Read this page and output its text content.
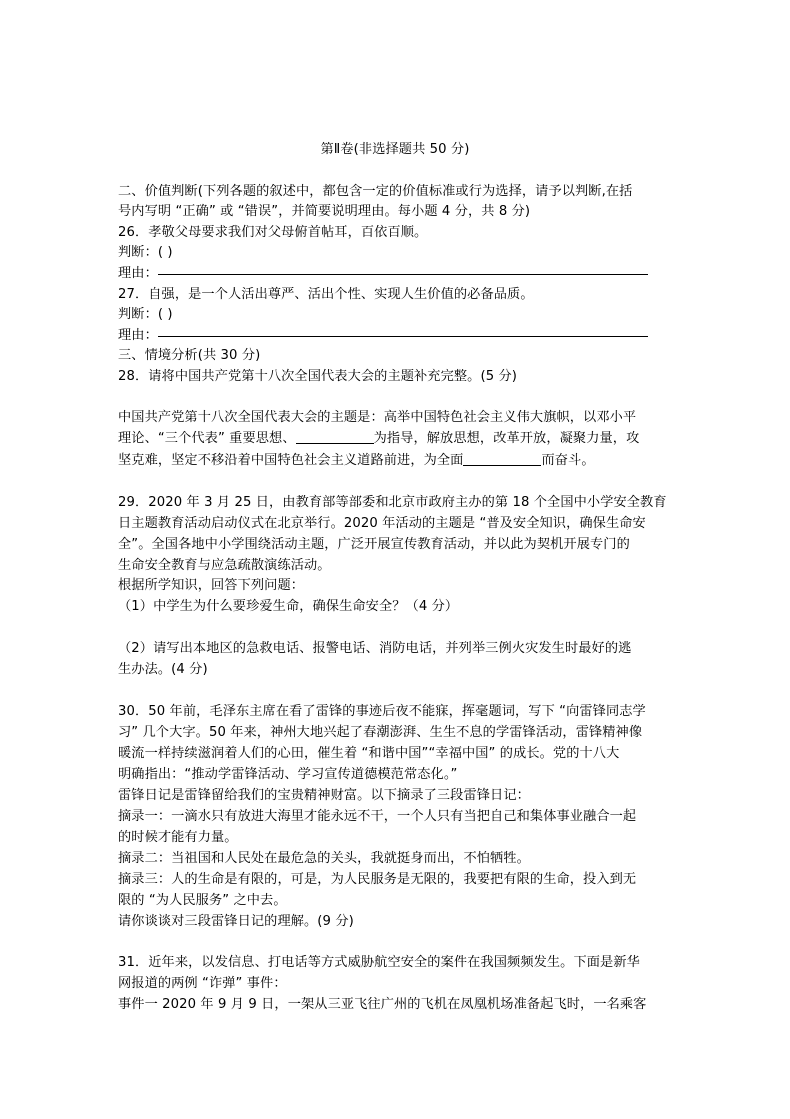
第Ⅱ卷(非选择题共 50 分)
二、价值判断(下列各题的叙述中，都包含一定的价值标准或行为选择，请予以判断,在括
号内写明 “正确” 或 “错误”，并简要说明理由。每小题 4 分，共 8 分)
26．孝敬父母要求我们对父母俯首帖耳，百依百顺。
判断：( )
理由：
27．自强，是一个人活出尊严、活出个性、实现人生价值的必备品质。
判断：( )
理由：
三、情境分析(共 30 分)
28．请将中国共产党第十八次全国代表大会的主题补充完整。(5 分)
中国共产党第十八次全国代表大会的主题是：高举中国特色社会主义伟大旗帜，以邓小平
理论、“三个代表” 重要思想、	为指导，解放思想，改革开放，凝聚力量，攻
坚克难，坚定不移沿着中国特色社会主义道路前进，为全面	而奋斗。
29．2020 年 3 月 25 日，由教育部等部委和北京市政府主办的第 18 个全国中小学安全教育
日主题教育活动启动仪式在北京举行。2020 年活动的主题是 “普及安全知识，确保生命安
全”。全国各地中小学围绕活动主题，广泛开展宣传教育活动，并以此为契机开展专门的
生命安全教育与应急疏散演练活动。
根据所学知识，回答下列问题：
（1）中学生为什么要珍爱生命，确保生命安全？（4 分）
（2）请写出本地区的急救电话、报警电话、消防电话，并列举三例火灾发生时最好的逃
生办法。(4 分)
30．50 年前，毛泽东主席在看了雷锋的事迹后夜不能寐，挥毫题词，写下 “向雷锋同志学
习” 几个大字。50 年来，神州大地兴起了春潮澎湃、生生不息的学雷锋活动，雷锋精神像
暖流一样持续滋润着人们的心田，催生着 “和谐中国”“幸福中国” 的成长。党的十八大
明确指出：“推动学雷锋活动、学习宣传道德模范常态化。”
雷锋日记是雷锋留给我们的宝贵精神财富。以下摘录了三段雷锋日记：
摘录一：一滴水只有放进大海里才能永远不干，一个人只有当把自己和集体事业融合一起
的时候才能有力量。
摘录二：当祖国和人民处在最危急的关头，我就挺身而出，不怕牺牲。
摘录三：人的生命是有限的，可是，为人民服务是无限的，我要把有限的生命，投入到无
限的 “为人民服务” 之中去。
请你谈谈对三段雷锋日记的理解。(9 分)
31．近年来，以发信息、打电话等方式威胁航空安全的案件在我国频频发生。下面是新华
网报道的两例 “诈弹” 事件：
事件一 2020 年 9 月 9 日，一架从三亚飞往广州的飞机在凤凰机场准备起飞时，一名乘客
